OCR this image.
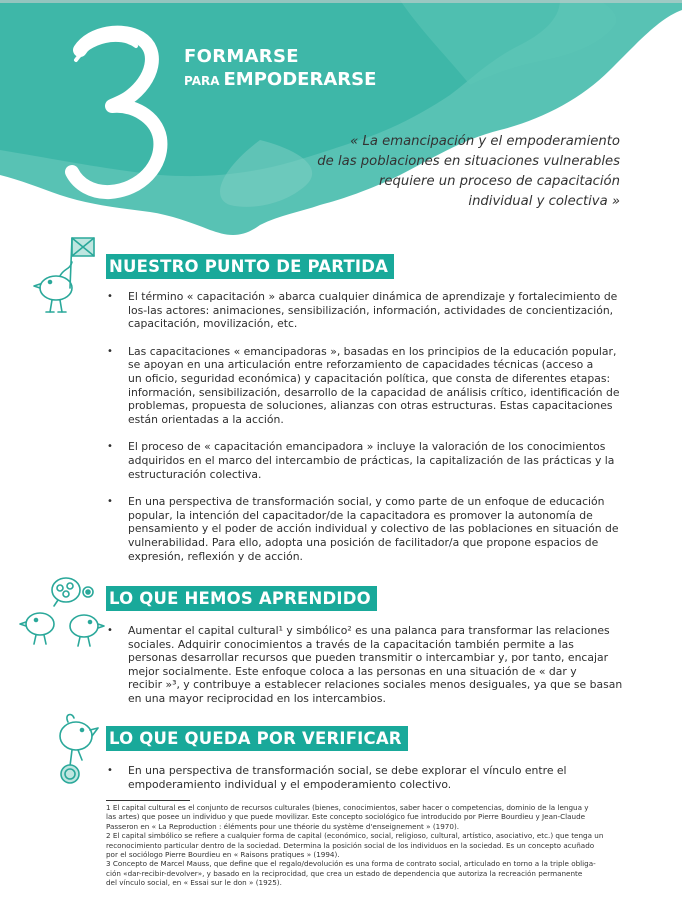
FORMARSE
PARA EMPODERARSE
« La emancipación y el empoderamiento
de las poblaciones en situaciones vulnerables
requiere un proceso de capacitación
individual y colectiva »
NUESTRO PUNTO DE PARTIDA
• El término « capacitación » abarca cualquier dinámica de aprendizaje y fortalecimiento de
los-las actores: animaciones, sensibilización, información, actividades de concientización,
capacitación, movilización, etc.
• Las capacitaciones « emancipadoras », basadas en los principios de la educación popular,
se apoyan en una articulación entre reforzamiento de capacidades técnicas (acceso a
un oficio, seguridad económica) y capacitación política, que consta de diferentes etapas:
información, sensibilización, desarrollo de la capacidad de análisis crítico, identificación de
problemas, propuesta de soluciones, alianzas con otras estructuras. Estas capacitaciones
están orientadas a la acción.
• El proceso de « capacitación emancipadora » incluye la valoración de los conocimientos
adquiridos en el marco del intercambio de prácticas, la capitalización de las prácticas y la
estructuración colectiva.
• En una perspectiva de transformación social, y como parte de un enfoque de educación
popular, la intención del capacitador/de la capacitadora es promover la autonomía de
pensamiento y el poder de acción individual y colectivo de las poblaciones en situación de
vulnerabilidad. Para ello, adopta una posición de facilitador/a que propone espacios de
expresión, reflexión y de acción.
LO QUE HEMOS APRENDIDO
• Aumentar el capital cultural¹ y simbólico² es una palanca para transformar las relaciones
sociales. Adquirir conocimientos a través de la capacitación también permite a las
personas desarrollar recursos que pueden transmitir o intercambiar y, por tanto, encajar
mejor socialmente. Este enfoque coloca a las personas en una situación de « dar y
recibir »³, y contribuye a establecer relaciones sociales menos desiguales, ya que se basan
en una mayor reciprocidad en los intercambios.
LO QUE QUEDA POR VERIFICAR
• En una perspectiva de transformación social, se debe explorar el vínculo entre el
empoderamiento individual y el empoderamiento colectivo.
1 El capital cultural es el conjunto de recursos culturales (bienes, conocimientos, saber hacer o competencias, dominio de la lengua y
las artes) que posee un individuo y que puede movilizar. Este concepto sociológico fue introducido por Pierre Bourdieu y Jean-Claude
Passeron en « La Reproduction : éléments pour une théorie du système d'enseignement » (1970).
2 El capital simbólico se refiere a cualquier forma de capital (económico, social, religioso, cultural, artístico, asociativo, etc.) que tenga un
reconocimiento particular dentro de la sociedad. Determina la posición social de los individuos en la sociedad. Es un concepto acuñado
por el sociólogo Pierre Bourdieu en « Raisons pratiques » (1994).
3 Concepto de Marcel Mauss, que define que el regalo/devolución es una forma de contrato social, articulado en torno a la triple obliga-
ción «dar-recibir-devolver», y basado en la reciprocidad, que crea un estado de dependencia que autoriza la recreación permanente
del vínculo social, en « Essai sur le don » (1925).
